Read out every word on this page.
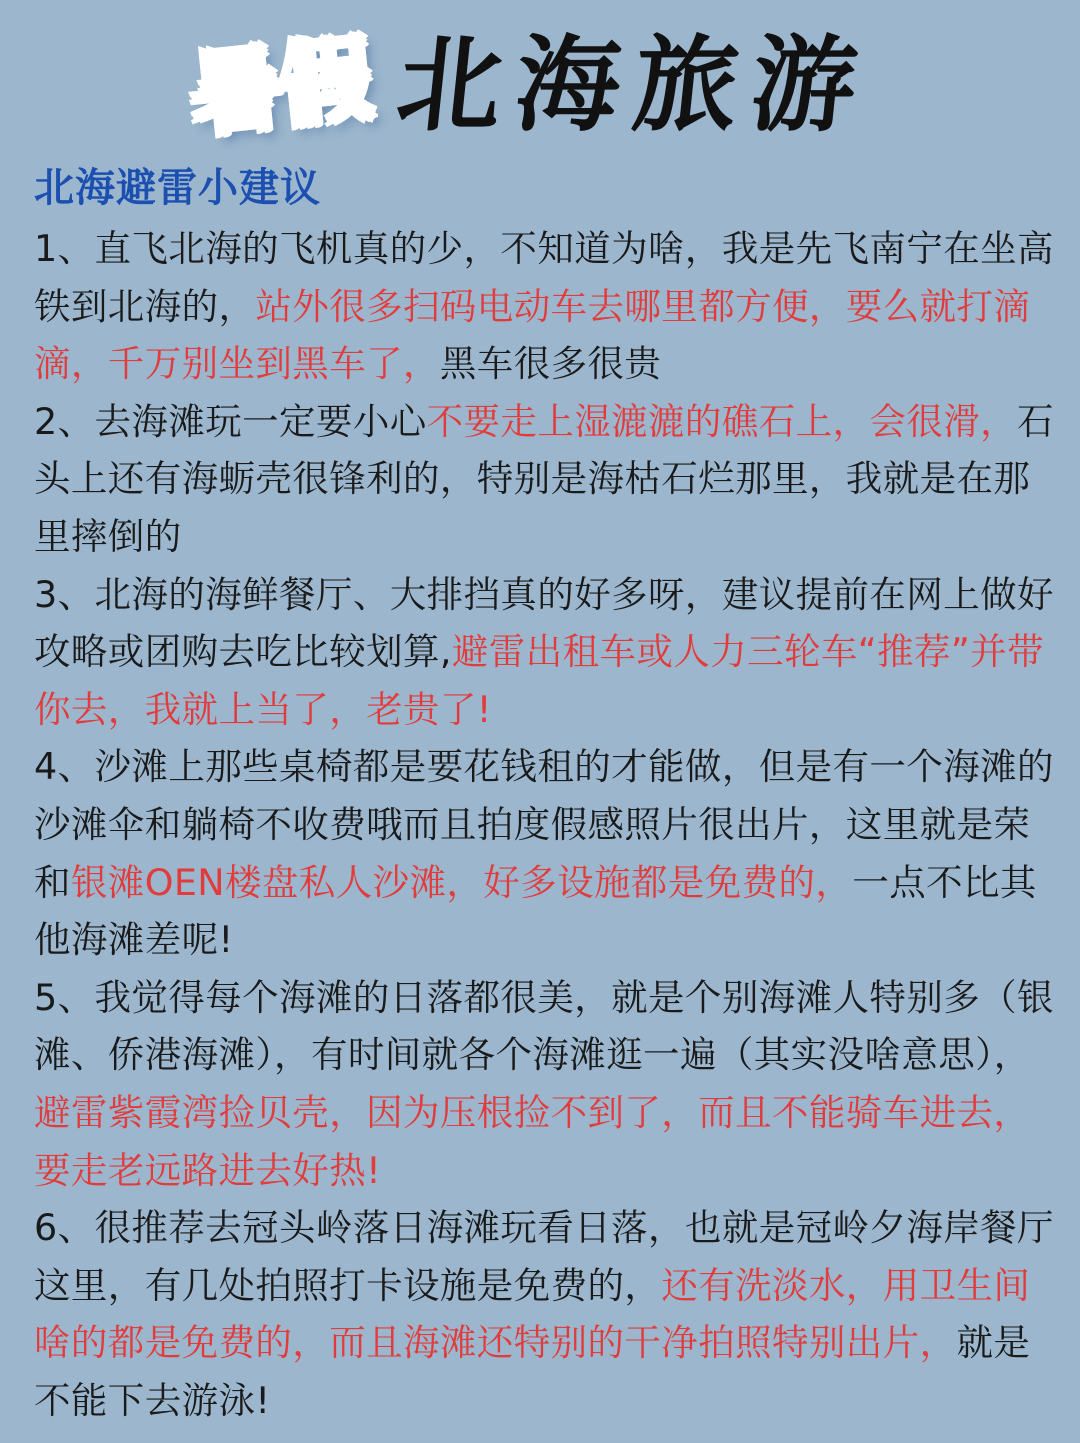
暑假 北海旅游
北海避雷小建议

1、直飞北海的飞机真的少，不知道为啥，我是先飞南宁在坐高铁到北海的，站外很多扫码电动车去哪里都方便，要么就打滴滴，千万别坐到黑车了，黑车很多很贵

2、去海滩玩一定要小心不要走上湿漉漉的礁石上，会很滑，石头上还有海蛎壳很锋利的，特别是海枯石烂那里，我就是在那里摔倒的

3、北海的海鲜餐厅、大排挡真的好多呀，建议提前在网上做好攻略或团购去吃比较划算,避雷出租车或人力三轮车“推荐”并带你去，我就上当了，老贵了!

4、沙滩上那些桌椅都是要花钱租的才能做，但是有一个海滩的沙滩伞和躺椅不收费哦而且拍度假感照片很出片，这里就是荣和银滩OEN楼盘私人沙滩，好多设施都是免费的，一点不比其他海滩差呢!

5、我觉得每个海滩的日落都很美，就是个别海滩人特别多（银滩、侨港海滩），有时间就各个海滩逛一遍（其实没啥意思），避雷紫霞湾捡贝壳，因为压根捡不到了，而且不能骑车进去，要走老远路进去好热!

6、很推荐去冠头岭落日海滩玩看日落，也就是冠岭夕海岸餐厅这里，有几处拍照打卡设施是免费的，还有洗淡水，用卫生间啥的都是免费的，而且海滩还特别的干净拍照特别出片，就是不能下去游泳!
